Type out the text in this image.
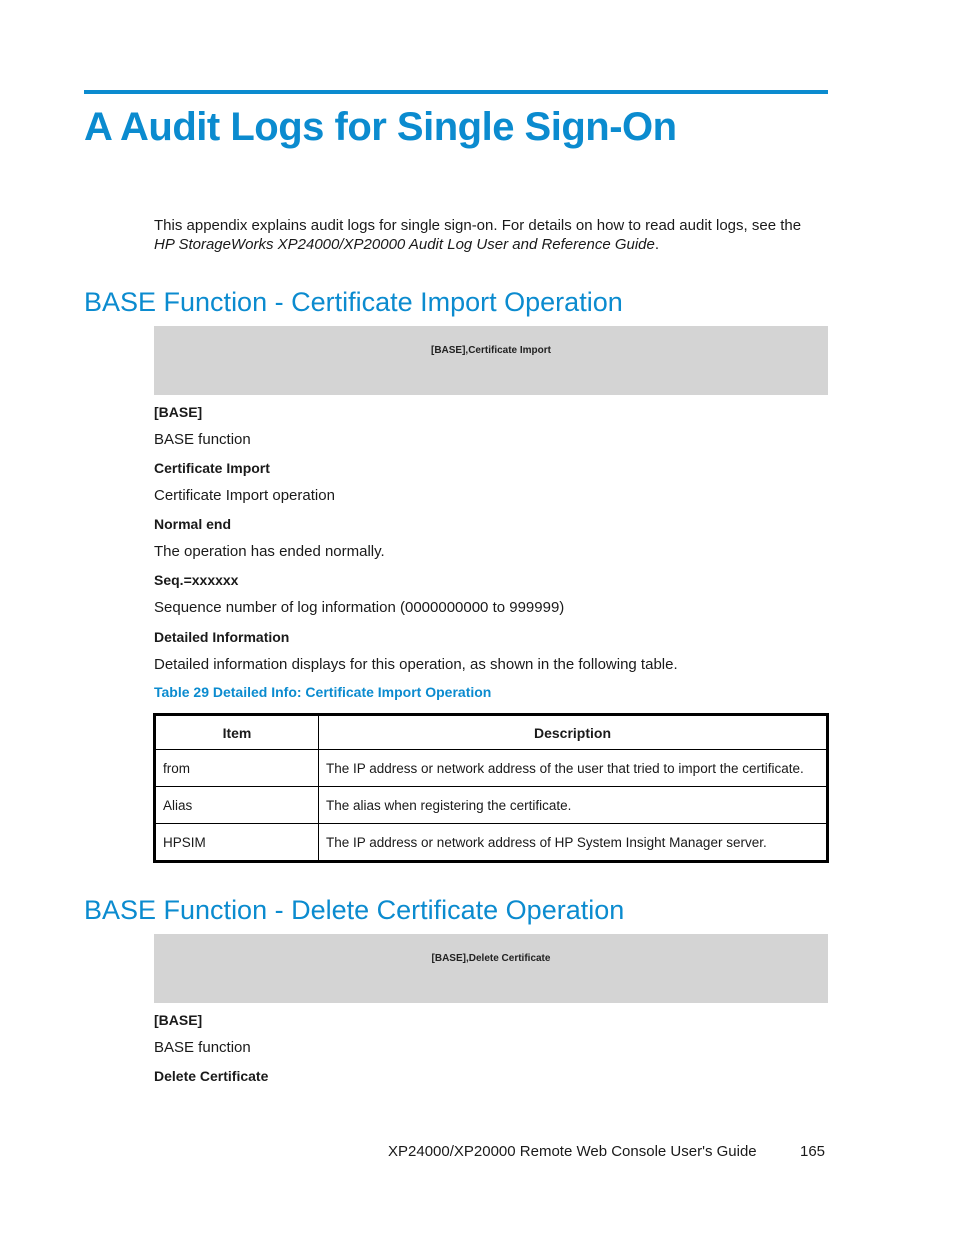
A Audit Logs for Single Sign-On

This appendix explains audit logs for single sign-on. For details on how to read audit logs, see the

HP StorageWorks XP24000/XP20000 Audit Log User and Reference Guide.

BASE Function - Certificate Import Operation
[BASE],Certificate Import
[BASE]
BASE function
Certificate Import
Certificate Import operation
Normal end
The operation has ended normally.
Seq.=xxxxxx
Sequence number of log information (0000000000 to 999999)
Detailed Information
Detailed information displays for this operation, as shown in the following table.
Table 29 Detailed Info: Certificate Import Operation
Item	Description
from	The IP address or network address of the user that tried to import the certificate.
Alias	The alias when registering the certificate.
HPSIM	The IP address or network address of HP System Insight Manager server.
BASE Function - Delete Certificate Operation
[BASE],Delete Certificate
[BASE]
BASE function
Delete Certificate
XP24000/XP20000 Remote Web Console User's Guide	165
